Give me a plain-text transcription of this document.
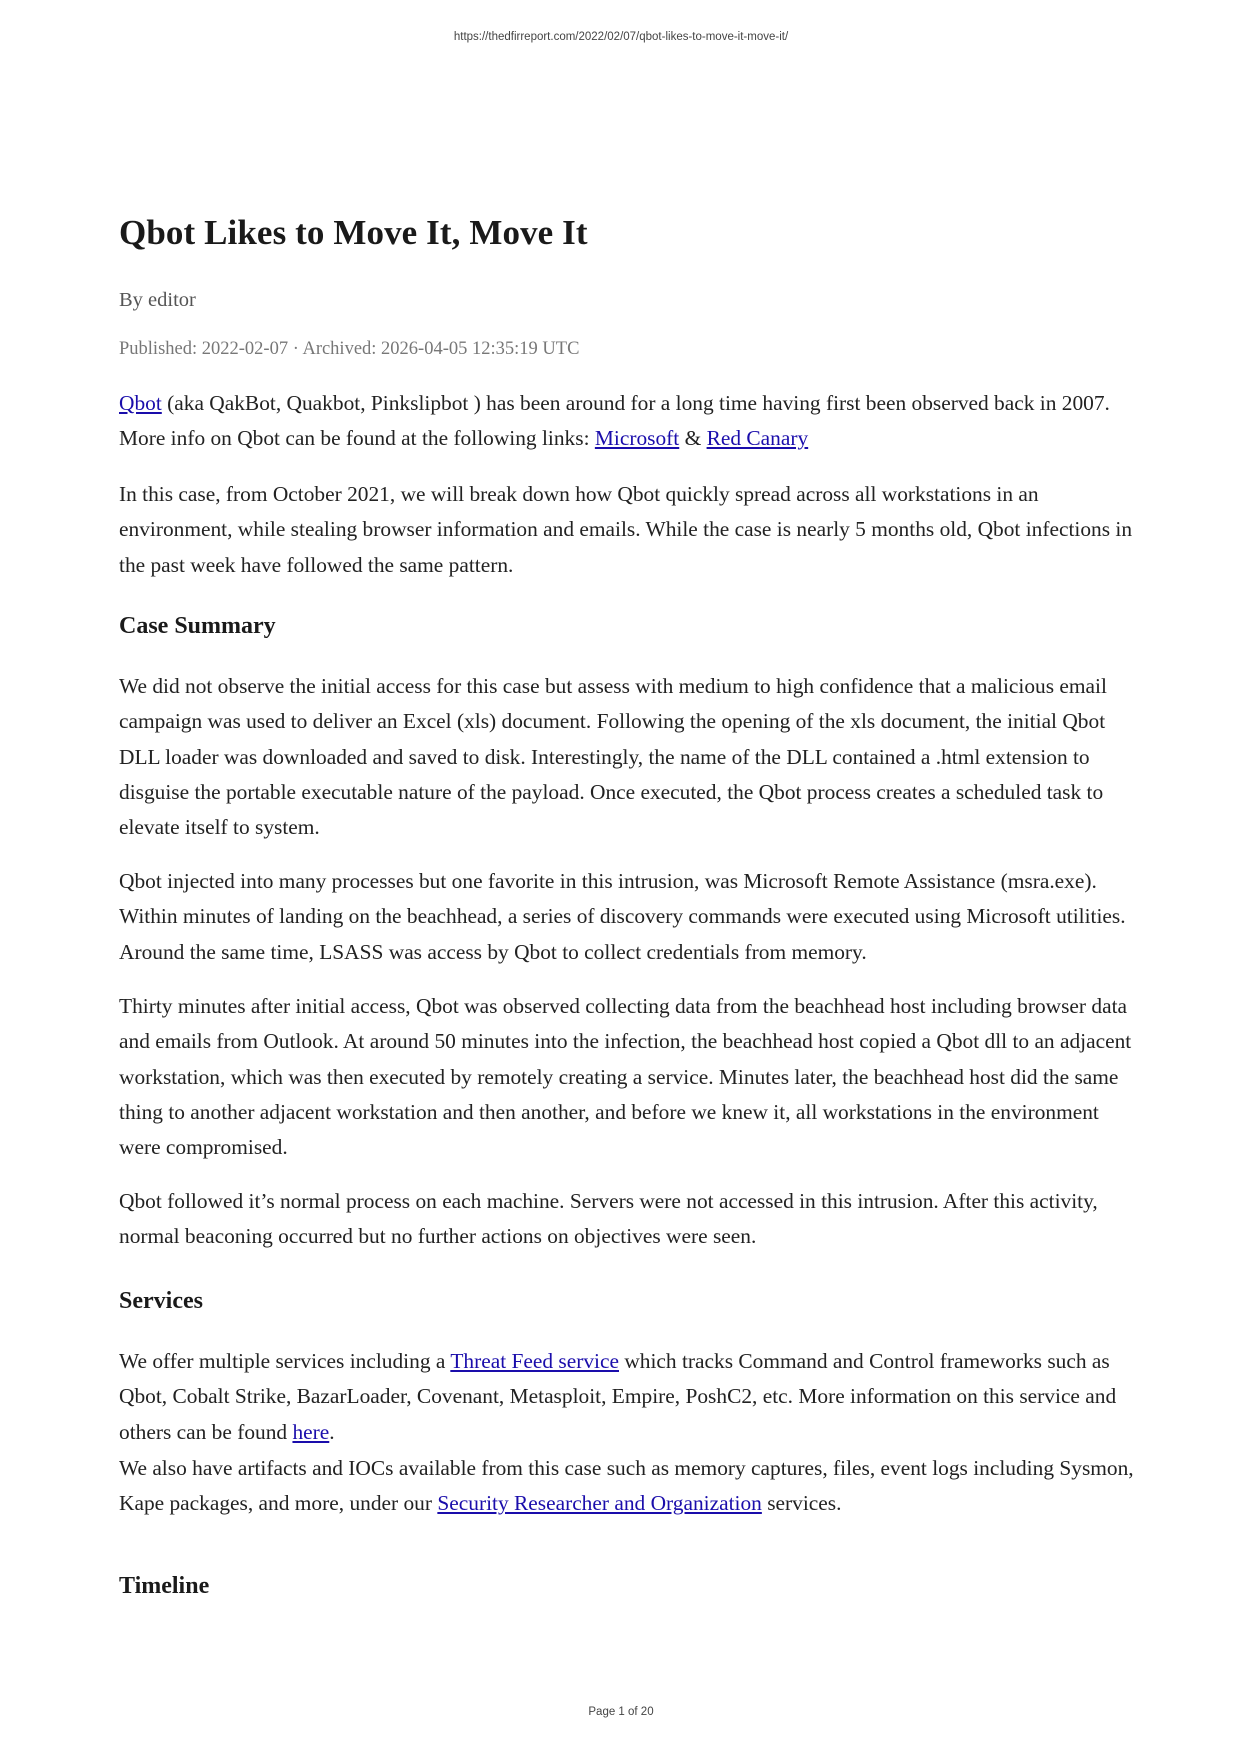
https://thedfirreport.com/2022/02/07/qbot-likes-to-move-it-move-it/
Qbot Likes to Move It, Move It
By editor
Published: 2022-02-07 · Archived: 2026-04-05 12:35:19 UTC

Qbot (aka QakBot, Quakbot, Pinkslipbot ) has been around for a long time having first been observed back in 2007. More info on Qbot can be found at the following links: Microsoft & Red Canary

In this case, from October 2021, we will break down how Qbot quickly spread across all workstations in an environment, while stealing browser information and emails. While the case is nearly 5 months old, Qbot infections in the past week have followed the same pattern.

Case Summary

We did not observe the initial access for this case but assess with medium to high confidence that a malicious email campaign was used to deliver an Excel (xls) document. Following the opening of the xls document, the initial Qbot DLL loader was downloaded and saved to disk. Interestingly, the name of the DLL contained a .html extension to disguise the portable executable nature of the payload. Once executed, the Qbot process creates a scheduled task to elevate itself to system.

Qbot injected into many processes but one favorite in this intrusion, was Microsoft Remote Assistance (msra.exe). Within minutes of landing on the beachhead, a series of discovery commands were executed using Microsoft utilities. Around the same time, LSASS was access by Qbot to collect credentials from memory.

Thirty minutes after initial access, Qbot was observed collecting data from the beachhead host including browser data and emails from Outlook. At around 50 minutes into the infection, the beachhead host copied a Qbot dll to an adjacent workstation, which was then executed by remotely creating a service. Minutes later, the beachhead host did the same thing to another adjacent workstation and then another, and before we knew it, all workstations in the environment were compromised.

Qbot followed it’s normal process on each machine. Servers were not accessed in this intrusion. After this activity, normal beaconing occurred but no further actions on objectives were seen.

Services

We offer multiple services including a Threat Feed service which tracks Command and Control frameworks such as Qbot, Cobalt Strike, BazarLoader, Covenant, Metasploit, Empire, PoshC2, etc. More information on this service and others can be found here.

We also have artifacts and IOCs available from this case such as memory captures, files, event logs including Sysmon, Kape packages, and more, under our Security Researcher and Organization services.

Timeline
Page 1 of 20
